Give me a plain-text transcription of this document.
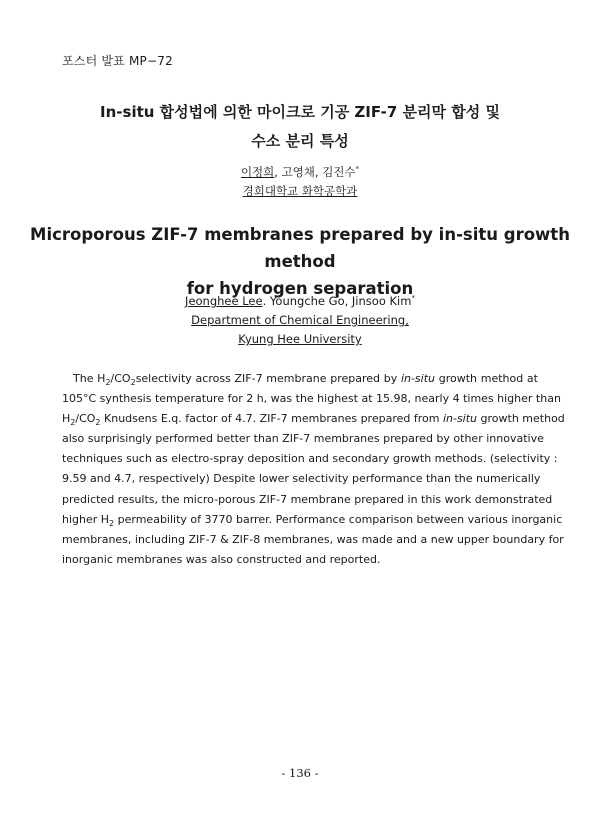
포스터 발표 MP−72
In-situ 합성법에 의한 마이크로 기공 ZIF-7 분리막 합성 및
수소 분리 특성
이정희, 고영채, 김진수*
경희대학교 화학공학과
Microporous ZIF-7 membranes prepared by in-situ growth method
for hydrogen separation
Jeonghee Lee. Youngche Go, Jinsoo Kim*
Department of Chemical Engineering,
Kyung Hee University
The $H_2/CO_2selectivity$ across ZIF-7 membrane prepared by in-situ growth method at
105°C synthesis temperature for 2 h, was the highest at 15.98, nearly 4 times higher than
$H_2/CO_2$ Knudsens E.q. factor of 4.7. ZIF-7 membranes prepared from in-situ growth method
also surprisingly performed better than ZIF-7 membranes prepared by other innovative
techniques such as electro-spray deposition and secondary growth methods. (selectivity :
9.59 and 4.7, respectively) Despite lower selectivity performance than the numerically
predicted results, the micro-porous ZIF-7 membrane prepared in this work demonstrated
higher $H_2$ permeability of 3770 barrer. Performance comparison between various inorganic
membranes, including ZIF-7 & ZIF-8 membranes, was made and a new upper boundary for
inorganic membranes was also constructed and reported.
- 136 -
